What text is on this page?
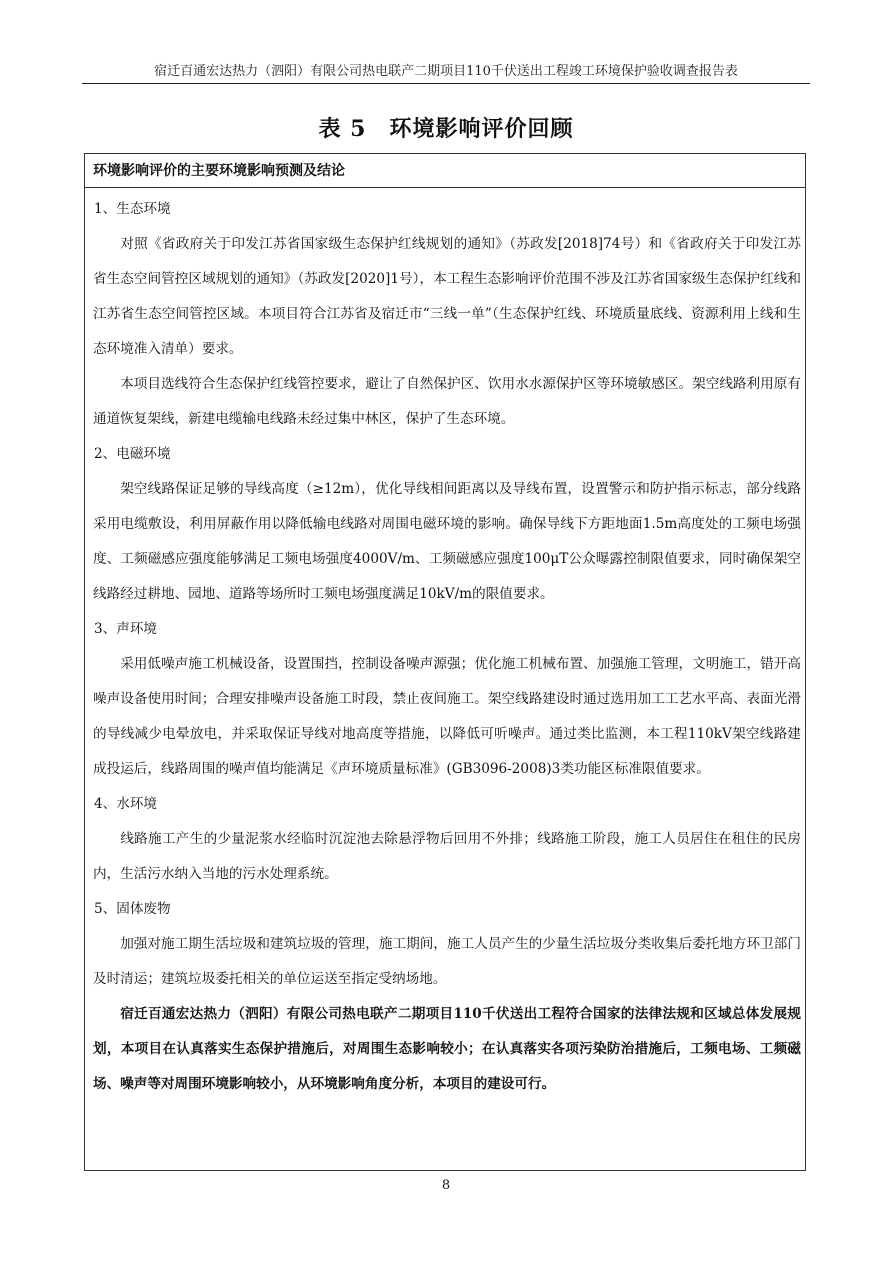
宿迁百通宏达热力（泗阳）有限公司热电联产二期项目110千伏送出工程竣工环境保护验收调查报告表
表 5　环境影响评价回顾
环境影响评价的主要环境影响预测及结论

1、生态环境

对照《省政府关于印发江苏省国家级生态保护红线规划的通知》（苏政发[2018]74号）和《省政府关于印发江苏省生态空间管控区域规划的通知》（苏政发[2020]1号），本工程生态影响评价范围不涉及江苏省国家级生态保护红线和江苏省生态空间管控区域。本项目符合江苏省及宿迁市“三线一单”（生态保护红线、环境质量底线、资源利用上线和生态环境准入清单）要求。

本项目选线符合生态保护红线管控要求，避让了自然保护区、饮用水水源保护区等环境敏感区。架空线路利用原有通道恢复架线，新建电缆输电线路未经过集中林区，保护了生态环境。

2、电磁环境

架空线路保证足够的导线高度（≥12m），优化导线相间距离以及导线布置，设置警示和防护指示标志，部分线路采用电缆敷设，利用屏蔽作用以降低输电线路对周围电磁环境的影响。确保导线下方距地面1.5m高度处的工频电场强度、工频磁感应强度能够满足工频电场强度4000V/m、工频磁感应强度100μT公众曝露控制限值要求，同时确保架空线路经过耕地、园地、道路等场所时工频电场强度满足10kV/m的限值要求。

3、声环境

采用低噪声施工机械设备，设置围挡，控制设备噪声源强；优化施工机械布置、加强施工管理，文明施工，错开高噪声设备使用时间；合理安排噪声设备施工时段，禁止夜间施工。架空线路建设时通过选用加工工艺水平高、表面光滑的导线减少电晕放电，并采取保证导线对地高度等措施，以降低可听噪声。通过类比监测，本工程110kV架空线路建成投运后，线路周围的噪声值均能满足《声环境质量标准》(GB3096-2008)3类功能区标准限值要求。

4、水环境

线路施工产生的少量泥浆水经临时沉淀池去除悬浮物后回用不外排；线路施工阶段，施工人员居住在租住的民房内，生活污水纳入当地的污水处理系统。

5、固体废物

加强对施工期生活垃圾和建筑垃圾的管理，施工期间，施工人员产生的少量生活垃圾分类收集后委托地方环卫部门及时清运；建筑垃圾委托相关的单位运送至指定受纳场地。

宿迁百通宏达热力（泗阳）有限公司热电联产二期项目110千伏送出工程符合国家的法律法规和区域总体发展规划，本项目在认真落实生态保护措施后，对周围生态影响较小；在认真落实各项污染防治措施后，工频电场、工频磁场、噪声等对周围环境影响较小，从环境影响角度分析，本项目的建设可行。

8
